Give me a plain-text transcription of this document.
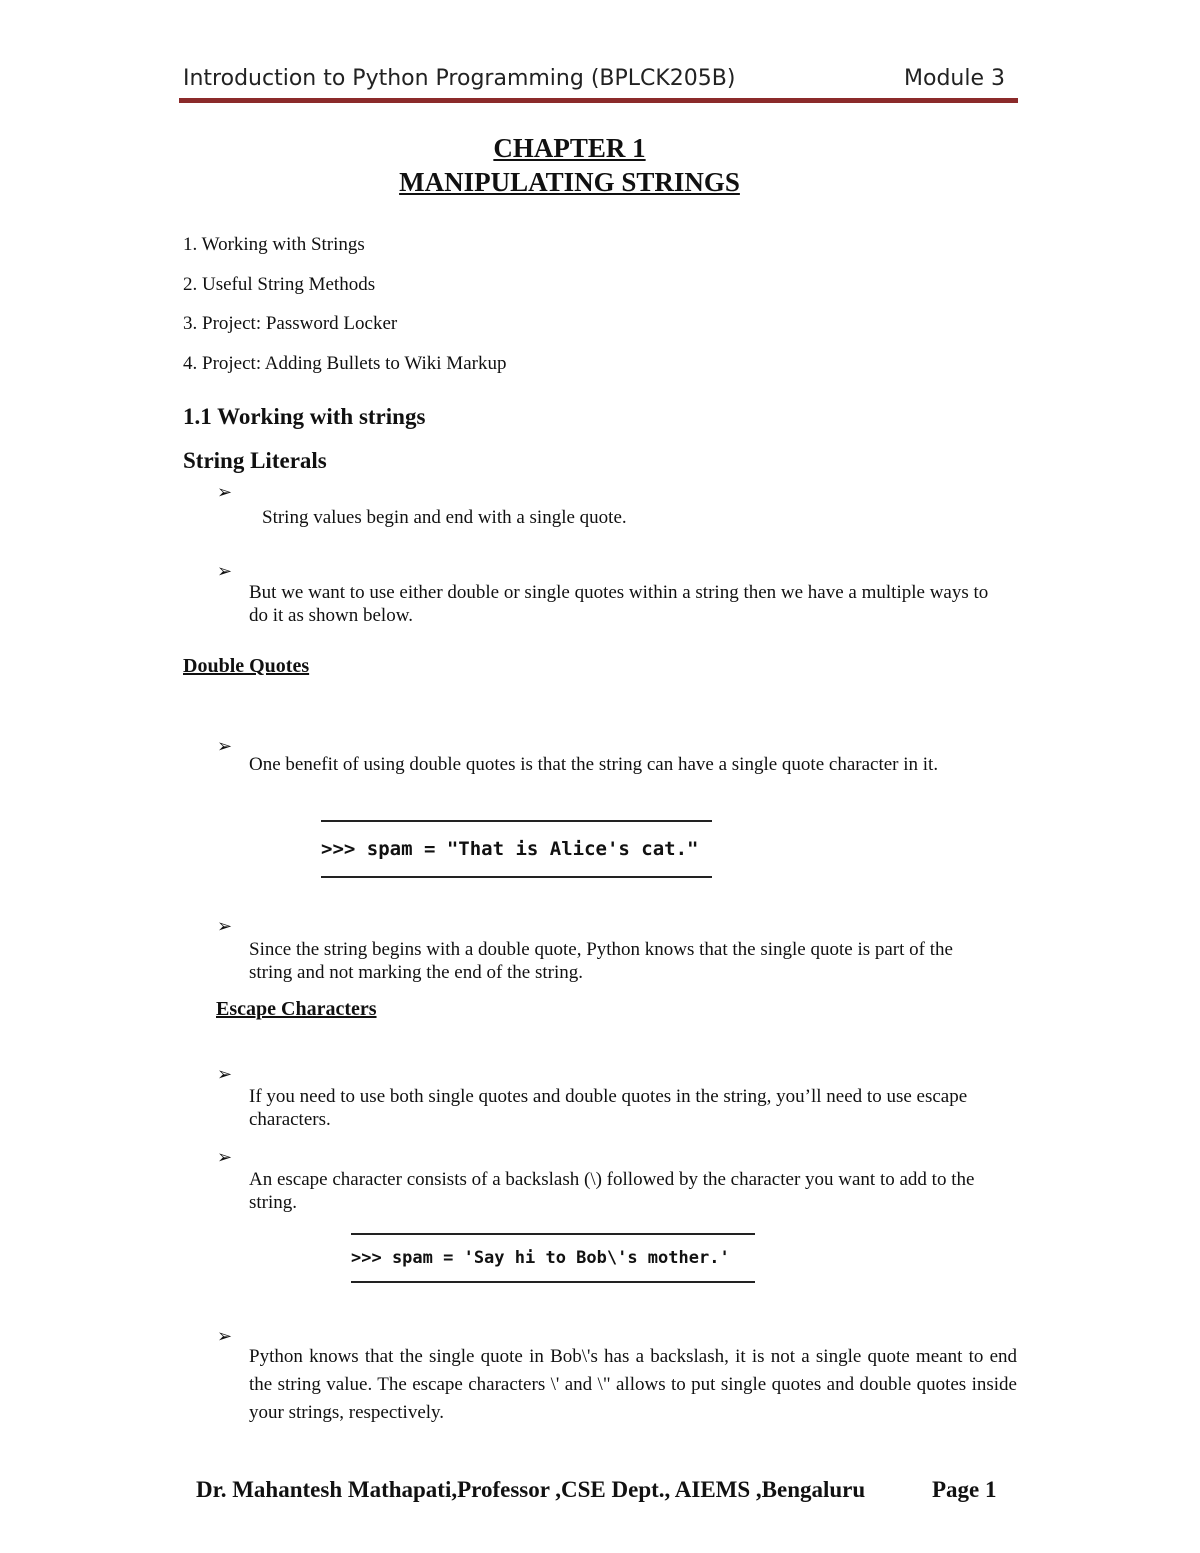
Introduction to Python Programming (BPLCK205B)	Module 3
CHAPTER 1
MANIPULATING STRINGS
1. Working with Strings
2. Useful String Methods
3. Project: Password Locker
4. Project: Adding Bullets to Wiki Markup
1.1 Working with strings
String Literals
➢
String values begin and end with a single quote.
➢
But we want to use either double or single quotes within a string then we have a multiple ways to do it as shown below.
Double Quotes
➢
One benefit of using double quotes is that the string can have a single quote character in it.
>>> spam = "That is Alice's cat."
➢
Since the string begins with a double quote, Python knows that the single quote is part of the string and not marking the end of the string.
Escape Characters
➢
If you need to use both single quotes and double quotes in the string, you’ll need to use escape characters.
➢
An escape character consists of a backslash (\) followed by the character you want to add to the string.
>>> spam = 'Say hi to Bob\'s mother.'
➢
Python knows that the single quote in Bob\'s has a backslash, it is not a single quote meant to end the string value. The escape characters \' and \" allows to put single quotes and double quotes inside your strings, respectively.
Dr. Mahantesh Mathapati,Professor ,CSE Dept., AIEMS ,Bengaluru	Page 1
